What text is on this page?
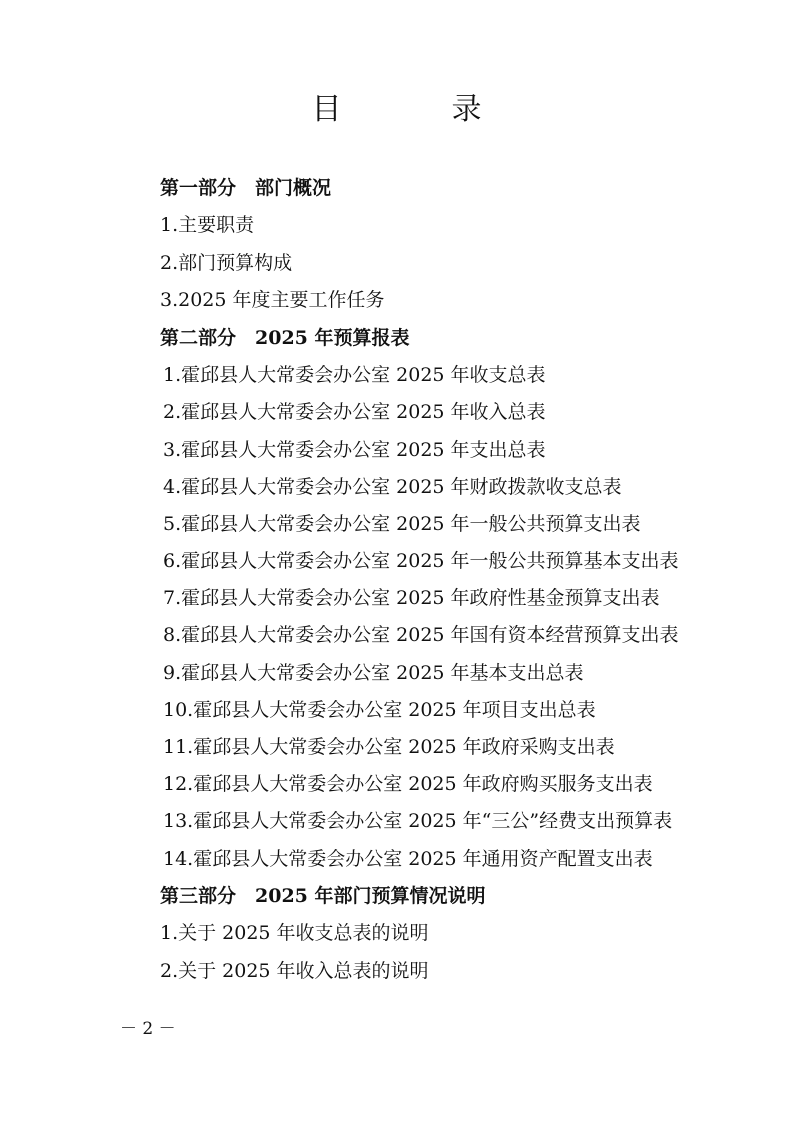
目　录
第一部分　部门概况
1.主要职责
2.部门预算构成
3.2025 年度主要工作任务
第二部分　2025 年预算报表
1.霍邱县人大常委会办公室 2025 年收支总表
2.霍邱县人大常委会办公室 2025 年收入总表
3.霍邱县人大常委会办公室 2025 年支出总表
4.霍邱县人大常委会办公室 2025 年财政拨款收支总表
5.霍邱县人大常委会办公室 2025 年一般公共预算支出表
6.霍邱县人大常委会办公室 2025 年一般公共预算基本支出表
7.霍邱县人大常委会办公室 2025 年政府性基金预算支出表
8.霍邱县人大常委会办公室 2025 年国有资本经营预算支出表
9.霍邱县人大常委会办公室 2025 年基本支出总表
10.霍邱县人大常委会办公室 2025 年项目支出总表
11.霍邱县人大常委会办公室 2025 年政府采购支出表
12.霍邱县人大常委会办公室 2025 年政府购买服务支出表
13.霍邱县人大常委会办公室 2025 年“三公”经费支出预算表
14.霍邱县人大常委会办公室 2025 年通用资产配置支出表
第三部分　2025 年部门预算情况说明
1.关于 2025 年收支总表的说明
2.关于 2025 年收入总表的说明
－ 2 －
